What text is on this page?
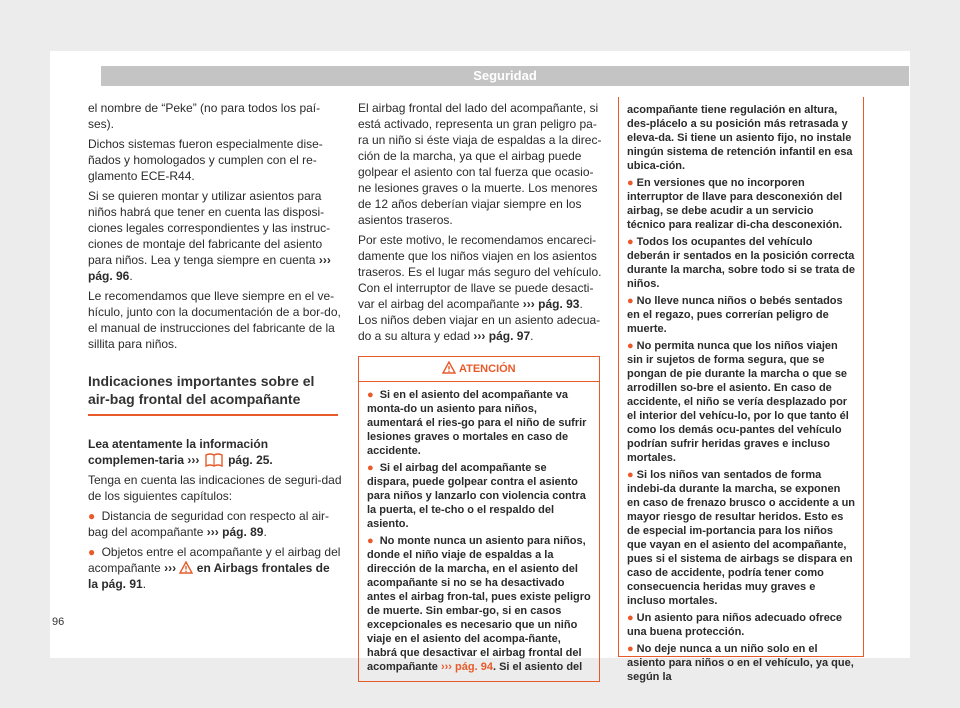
Seguridad

el nombre de “Peke” (no para todos los paí-ses).

Dichos sistemas fueron especialmente dise-ñados y homologados y cumplen con el re-glamento ECE-R44.

Si se quieren montar y utilizar asientos para niños habrá que tener en cuenta las disposi-ciones legales correspondientes y las instruc-ciones de montaje del fabricante del asiento para niños. Lea y tenga siempre en cuenta ››› pág. 96.

Le recomendamos que lleve siempre en el ve-hículo, junto con la documentación de a bor-do, el manual de instrucciones del fabricante de la sillita para niños.

Indicaciones importantes sobre el air-bag frontal del acompañante

Lea atentamente la información complemen-taria ››› pág. 25.

Tenga en cuenta las indicaciones de seguri-dad de los siguientes capítulos:

● Distancia de seguridad con respecto al air-bag del acompañante ››› pág. 89.

● Objetos entre el acompañante y el airbag del acompañante ››› en Airbags frontales de la pág. 91.

El airbag frontal del lado del acompañante, si está activado, representa un gran peligro pa-ra un niño si éste viaja de espaldas a la direc-ción de la marcha, ya que el airbag puede golpear el asiento con tal fuerza que ocasio-ne lesiones graves o la muerte. Los menores de 12 años deberían viajar siempre en los asientos traseros.

Por este motivo, le recomendamos encareci-damente que los niños viajen en los asientos traseros. Es el lugar más seguro del vehículo. Con el interruptor de llave se puede desacti-var el airbag del acompañante ››› pág. 93. Los niños deben viajar en un asiento adecua-do a su altura y edad ››› pág. 97.

ATENCIÓN

● Si en el asiento del acompañante va monta-do un asiento para niños, aumentará el ries-go para el niño de sufrir lesiones graves o mortales en caso de accidente.

● Si el airbag del acompañante se dispara, puede golpear contra el asiento para niños y lanzarlo con violencia contra la puerta, el te-cho o el respaldo del asiento.

● No monte nunca un asiento para niños, donde el niño viaje de espaldas a la dirección de la marcha, en el asiento del acompañante si no se ha desactivado antes el airbag fron-tal, pues existe peligro de muerte. Sin embar-go, si en casos excepcionales es necesario que un niño viaje en el asiento del acompa-ñante, habrá que desactivar el airbag frontal del acompañante ››› pág. 94. Si el asiento del

acompañante tiene regulación en altura, des-plácelo a su posición más retrasada y eleva-da. Si tiene un asiento fijo, no instale ningún sistema de retención infantil en esa ubica-ción.

● En versiones que no incorporen interruptor de llave para desconexión del airbag, se debe acudir a un servicio técnico para realizar di-cha desconexión.

● Todos los ocupantes del vehículo deberán ir sentados en la posición correcta durante la marcha, sobre todo si se trata de niños.

● No lleve nunca niños o bebés sentados en el regazo, pues correrían peligro de muerte.

● No permita nunca que los niños viajen sin ir sujetos de forma segura, que se pongan de pie durante la marcha o que se arrodillen so-bre el asiento. En caso de accidente, el niño se vería desplazado por el interior del vehícu-lo, por lo que tanto él como los demás ocu-pantes del vehículo podrían sufrir heridas graves e incluso mortales.

● Si los niños van sentados de forma indebi-da durante la marcha, se exponen en caso de frenazo brusco o accidente a un mayor riesgo de resultar heridos. Esto es de especial im-portancia para los niños que vayan en el asiento del acompañante, pues si el sistema de airbags se dispara en caso de accidente, podría tener como consecuencia heridas muy graves e incluso mortales.

● Un asiento para niños adecuado ofrece una buena protección.

● No deje nunca a un niño solo en el asiento para niños o en el vehículo, ya que, según la

96
